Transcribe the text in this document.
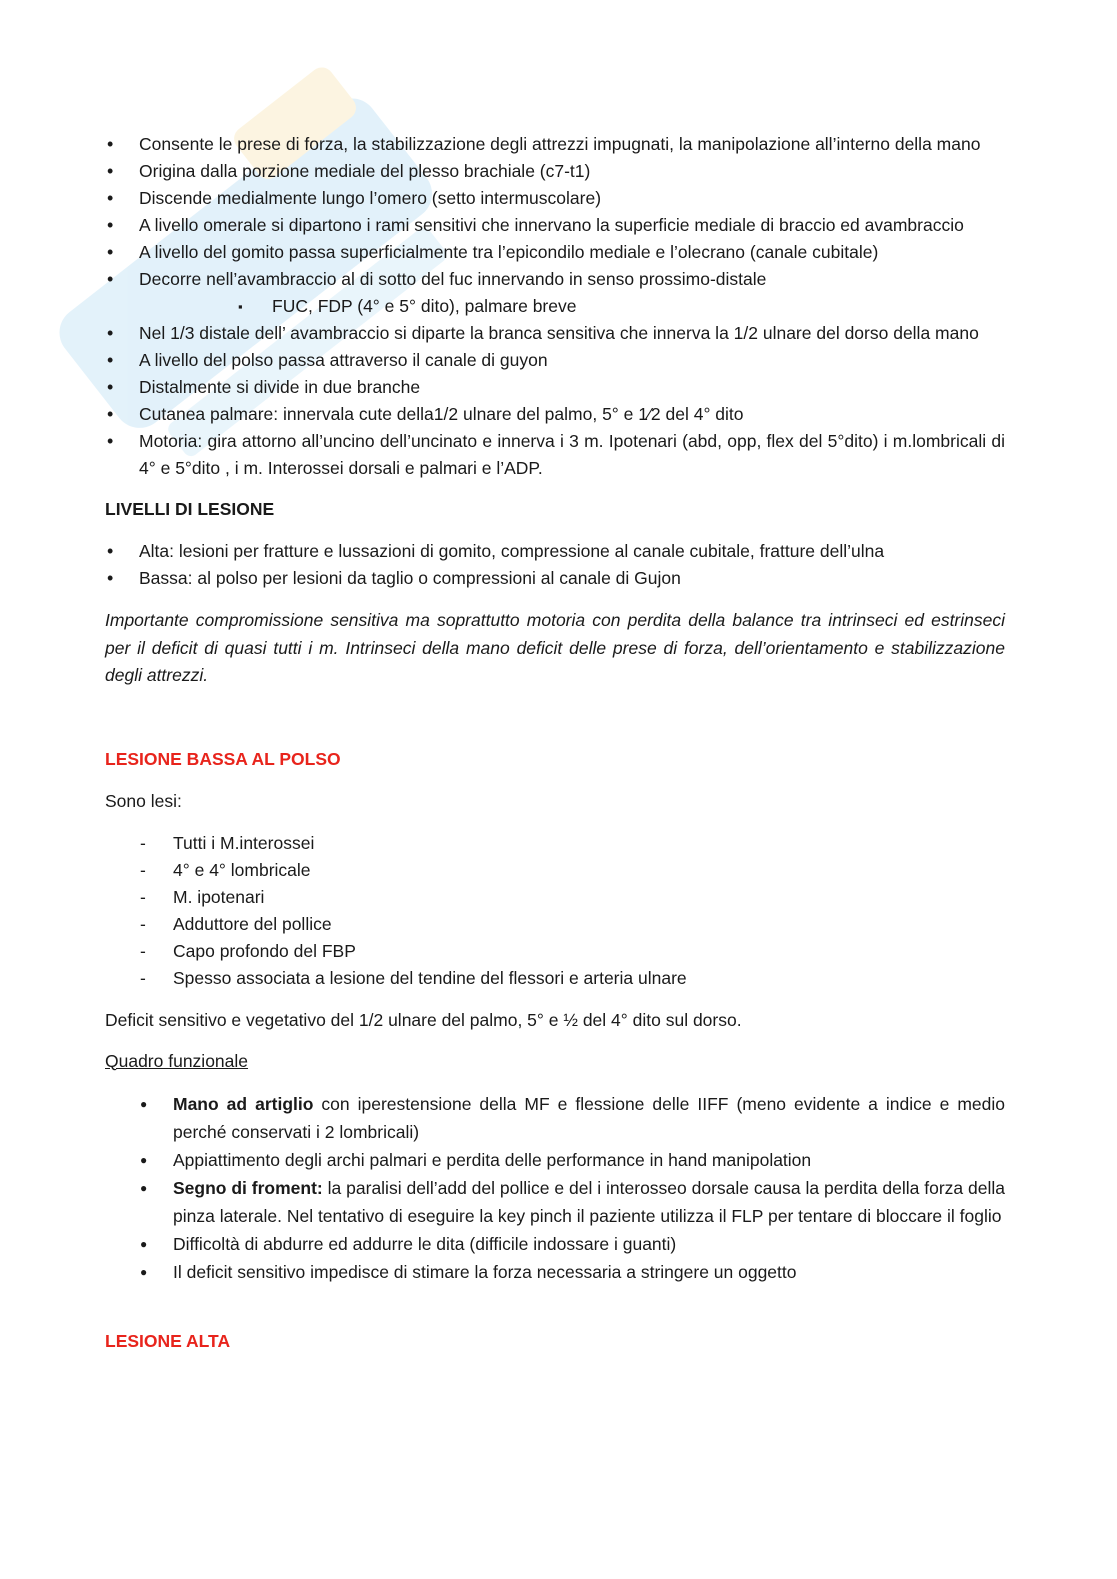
• Consente le prese di forza, la stabilizzazione degli attrezzi impugnati, la manipolazione all’interno della mano
• Origina dalla porzione mediale del plesso brachiale (c7-t1)
• Discende medialmente lungo l’omero (setto intermuscolare)
• A livello omerale si dipartono i rami sensitivi che innervano la superficie mediale di braccio ed avambraccio
• A livello del gomito passa superficialmente tra l’epicondilo mediale e l’olecrano (canale cubitale)
• Decorre nell’avambraccio al di sotto del fuc innervando in senso prossimo-distale
▪ FUC, FDP (4° e 5° dito), palmare breve
• Nel 1/3 distale dell’ avambraccio si diparte la branca sensitiva che innerva la 1/2 ulnare del dorso della mano
• A livello del polso passa attraverso il canale di guyon
• Distalmente si divide in due branche
• Cutanea palmare: innervala cute della1/2 ulnare del palmo, 5° e 1⁄2 del 4° dito
• Motoria: gira attorno all’uncino dell’uncinato e innerva i 3 m. Ipotenari (abd, opp, flex del 5°dito) i m.lombricali di 4° e 5°dito , i m. Interossei dorsali e palmari e l’ADP.
LIVELLI DI LESIONE
• Alta: lesioni per fratture e lussazioni di gomito, compressione al canale cubitale, fratture dell’ulna
• Bassa: al polso per lesioni da taglio o compressioni al canale di Gujon

Importante compromissione sensitiva ma soprattutto motoria con perdita della balance tra intrinseci ed estrinseci per il deficit di quasi tutti i m. Intrinseci della mano deficit delle prese di forza, dell’orientamento e stabilizzazione degli attrezzi.

LESIONE BASSA AL POLSO

Sono lesi:

- Tutti i M.interossei
- 4° e 4° lombricale
- M. ipotenari
- Adduttore del pollice
- Capo profondo del FBP
- Spesso associata a lesione del tendine del flessori e arteria ulnare

Deficit sensitivo e vegetativo del 1/2 ulnare del palmo, 5° e ½ del 4° dito sul dorso.

Quadro funzionale

● Mano ad artiglio con iperestensione della MF e flessione delle IIFF (meno evidente a indice e medio perché conservati i 2 lombricali)
● Appiattimento degli archi palmari e perdita delle performance in hand manipolation
● Segno di froment: la paralisi dell’add del pollice e del i interosseo dorsale causa la perdita della forza della pinza laterale. Nel tentativo di eseguire la key pinch il paziente utilizza il FLP per tentare di bloccare il foglio
● Difficoltà di abdurre ed addurre le dita (difficile indossare i guanti)
● Il deficit sensitivo impedisce di stimare la forza necessaria a stringere un oggetto
LESIONE ALTA
